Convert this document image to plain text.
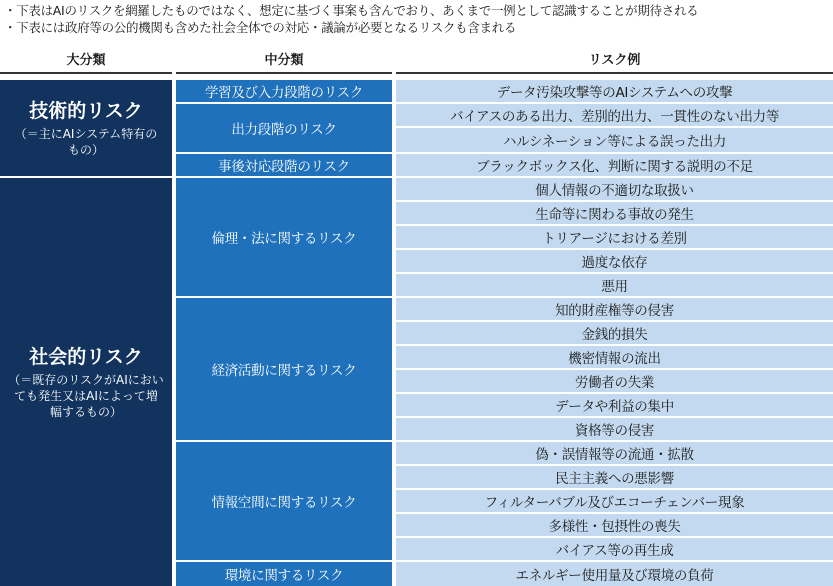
・下表はAIのリスクを網羅したものではなく、想定に基づく事案も含んでおり、あくまで一例として認識することが期待される
・下表には政府等の公的機関も含めた社会全体での対応・議論が必要となるリスクも含まれる
大分類	中分類	リスク例
技術的リスク
（＝主にAIシステム特有の もの）
社会的リスク
（＝既存のリスクがAIにおい ても発生又はAIによって増 幅するもの）
学習及び入力段階のリスク
出力段階のリスク
事後対応段階のリスク
倫理・法に関するリスク
経済活動に関するリスク
情報空間に関するリスク
環境に関するリスク
データ汚染攻撃等のAIシステムへの攻撃
バイアスのある出力、差別的出力、一貫性のない出力等
ハルシネーション等による誤った出力
ブラックボックス化、判断に関する説明の不足
個人情報の不適切な取扱い
生命等に関わる事故の発生
トリアージにおける差別
過度な依存
悪用
知的財産権等の侵害
金銭的損失
機密情報の流出
労働者の失業
データや利益の集中
資格等の侵害
偽・誤情報等の流通・拡散
民主主義への悪影響
フィルターバブル及びエコーチェンバー現象
多様性・包摂性の喪失
バイアス等の再生成
エネルギー使用量及び環境の負荷
